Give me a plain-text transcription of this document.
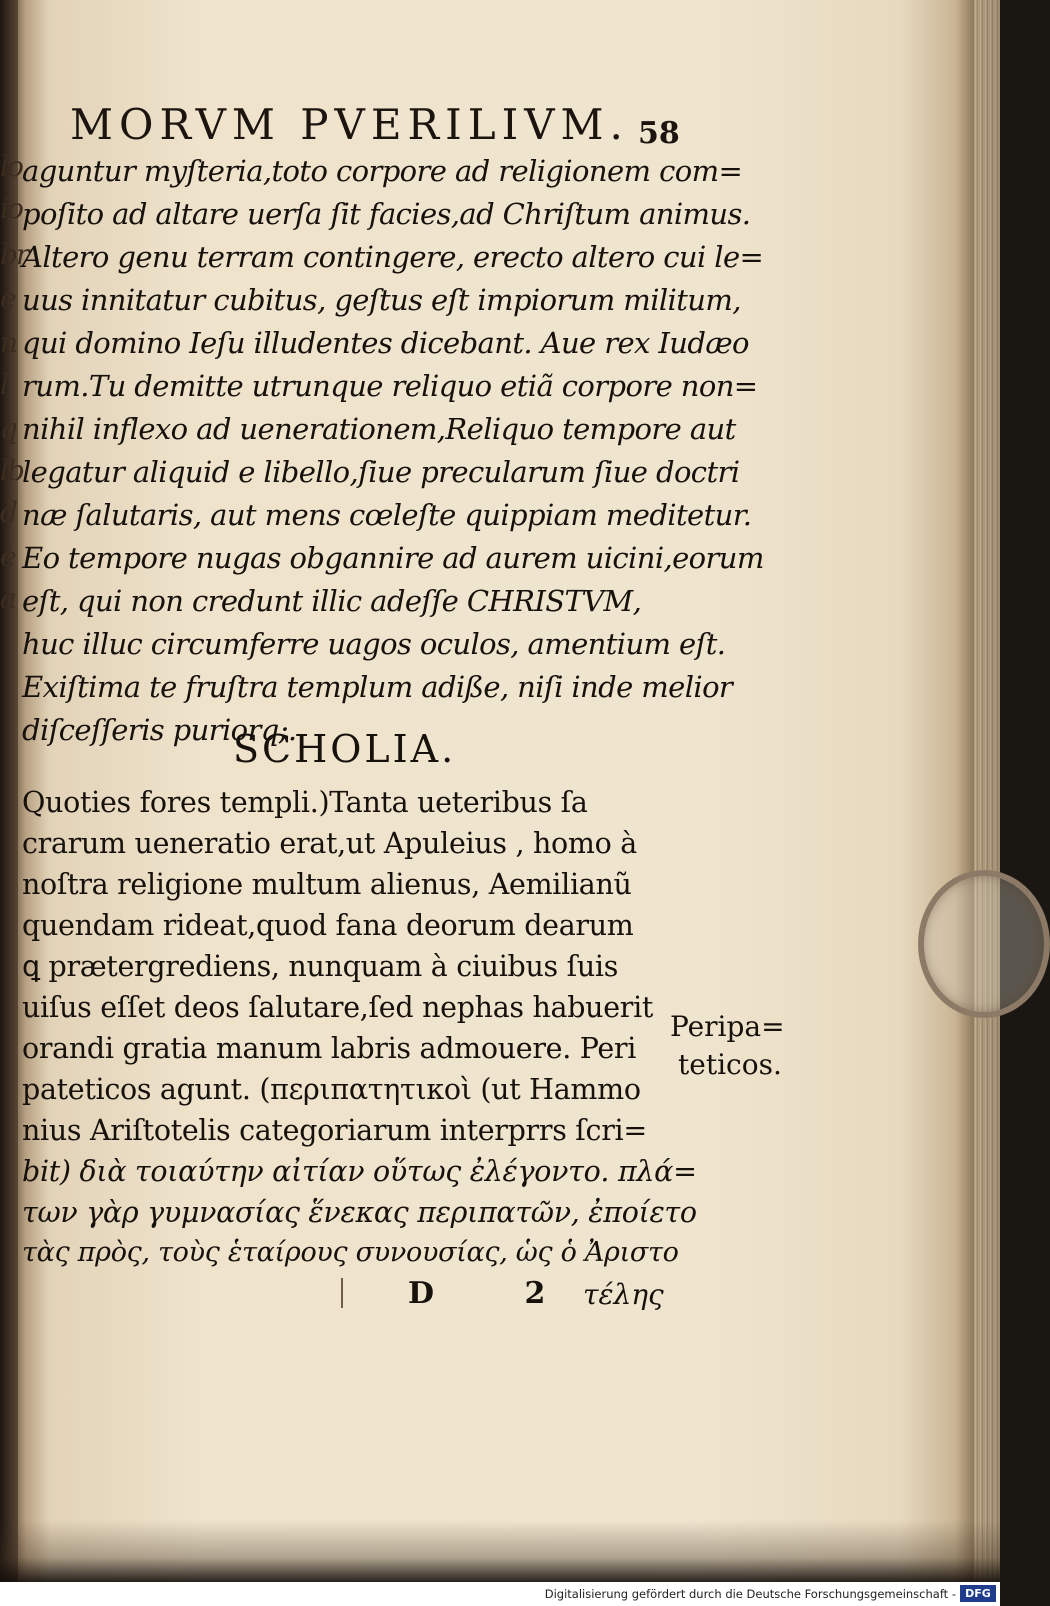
lo
io
br
e
n
l
q
lb
d
e
a
MORVM PVERILIVM. 58
aguntur myſteria,toto corpore ad religionem com=
poſito ad altare uerſa ſit facies,ad Chriſtum animus.
Altero genu terram contingere, erecto altero cui le=
uus innitatur cubitus, geſtus eſt impiorum militum,
qui domino Ieſu illudentes dicebant. Aue rex Iudæo
rum.Tu demitte utrunque reliquo etiã corpore non=
nihil inflexo ad uenerationem,Reliquo tempore aut
legatur aliquid e libello,ſiue precularum ſiue doctri
næ ſalutaris, aut mens cœleſte quippiam meditetur.
Eo tempore nugas obgannire ad aurem uicini,eorum
eſt, qui non credunt illic adeſſe CHRISTVM,
huc illuc circumferre uagos oculos, amentium eſt.
Exiſtima te fruſtra templum adiße, niſi inde melior
diſceſſeris puriorq;.
SCHOLIA.
Quoties fores templi.)Tanta ueteribus ſa
crarum ueneratio erat,ut Apuleius , homo à
noſtra religione multum alienus, Aemilianũ
quendam rideat,quod fana deorum dearum
ꝗ prætergrediens, nunquam à ciuibus ſuis
uiſus eſſet deos ſalutare,ſed nephas habuerit
orandi gratia manum labris admouere. Peri
pateticos agunt. (περιπατητικοὶ (ut Hammo
nius Ariſtotelis categoriarum interprrs ſcri=
bit) διὰ τοιαύτην αἰτίαν οὕτως ἐλέγοντο. πλά=
των γὰρ γυμνασίας ἕνεκας περιπατῶν, ἐποίετο
τὰς πρὸς, τοὺς ἑταίρους συνουσίας, ὡς ὁ Ἀριστο
Peripa=
teticos.
D 2
τέλης
Digitalisierung gefördert durch die Deutsche Forschungsgemeinschaft - DFG
